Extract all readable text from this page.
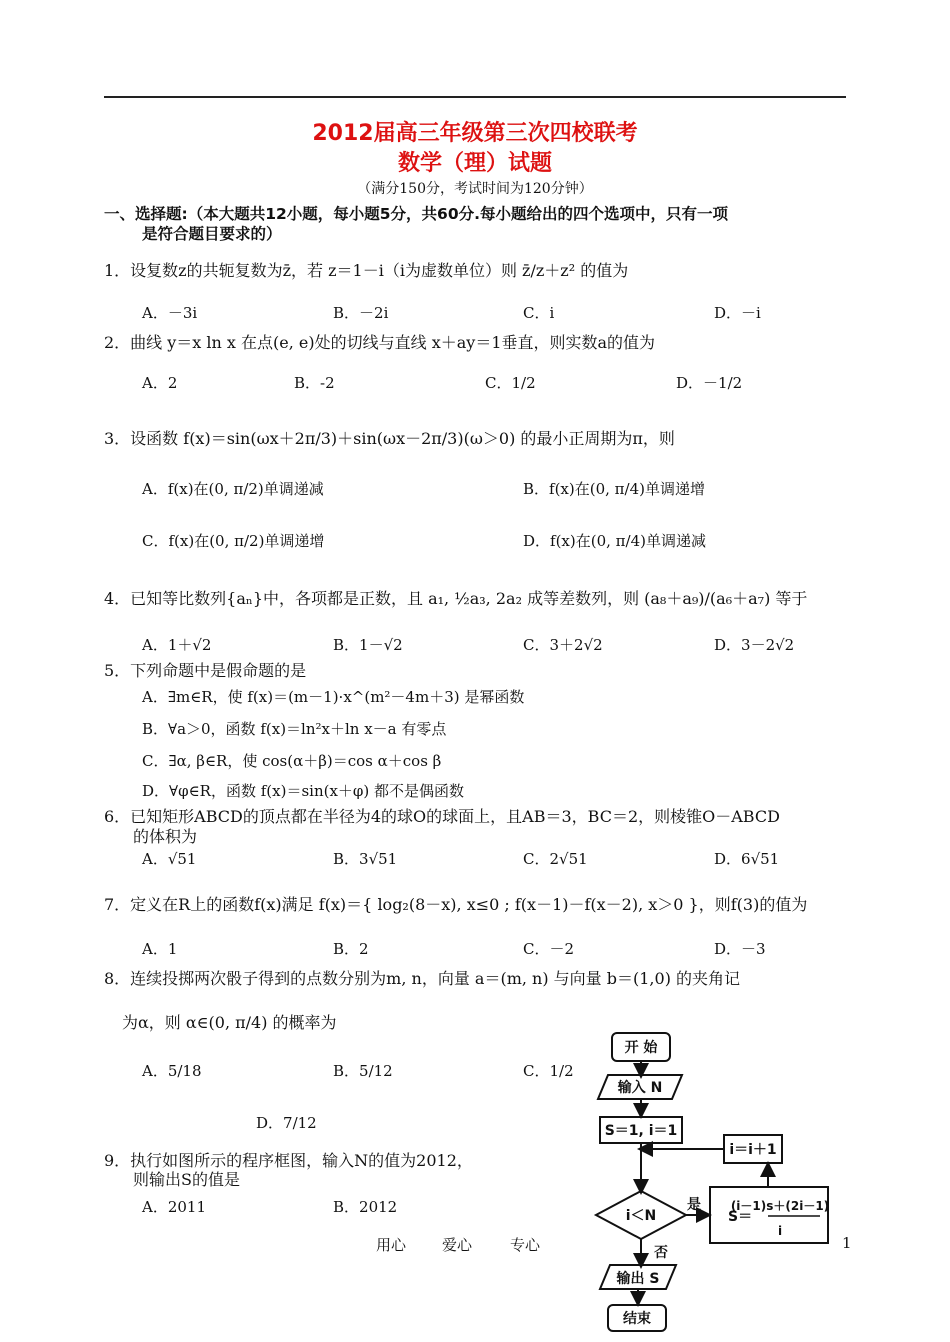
2012届高三年级第三次四校联考
数学（理）试题
（满分150分，考试时间为120分钟）
一、选择题:（本大题共12小题，每小题5分，共60分.每小题给出的四个选项中，只有一项
是符合题目要求的）
1．设复数z的共轭复数为z̄，若 z＝1－i（i为虚数单位）则 z̄/z＋z² 的值为
A．－3i	B．－2i	C．i	D．－i
2．曲线 y＝x ln x 在点(e, e)处的切线与直线 x＋ay＝1垂直，则实数a的值为
A．2	B．-2	C．1/2	D．－1/2
3．设函数 f(x)＝sin(ωx＋2π/3)＋sin(ωx－2π/3)(ω＞0) 的最小正周期为π，则
A．f(x)在(0, π/2)单调递减	B．f(x)在(0, π/4)单调递增
C．f(x)在(0, π/2)单调递增	D．f(x)在(0, π/4)单调递减
4．已知等比数列{aₙ}中，各项都是正数，且 a₁, ½a₃, 2a₂ 成等差数列，则 (a₈＋a₉)/(a₆＋a₇) 等于
A．1＋√2	B．1－√2	C．3＋2√2	D．3－2√2
5．下列命题中是假命题的是
A．∃m∈R，使 f(x)＝(m－1)·x^(m²－4m＋3) 是幂函数
B．∀a＞0，函数 f(x)＝ln²x＋ln x－a 有零点
C．∃α, β∈R，使 cos(α＋β)＝cos α＋cos β
D．∀φ∈R，函数 f(x)＝sin(x＋φ) 都不是偶函数
6．已知矩形ABCD的顶点都在半径为4的球O的球面上，且AB＝3，BC＝2，则棱锥O－ABCD
的体积为
A．√51	B．3√51	C．2√51	D．6√51
7．定义在R上的函数f(x)满足 f(x)＝{ log₂(8－x), x≤0 ; f(x－1)－f(x－2), x＞0 }，则f(3)的值为
A．1	B．2	C．－2	D．－3
8．连续投掷两次骰子得到的点数分别为m, n，向量 a＝(m, n) 与向量 b＝(1,0) 的夹角记
为α，则 α∈(0, π/4) 的概率为
A．5/18	B．5/12	C．1/2
D．7/12
9．执行如图所示的程序框图，输入N的值为2012，
则输出S的值是
A．2011	B．2012
开 始
输入 N
S＝1, i＝1
i＜N
是
i＝i＋1
S＝
(i－1)s＋(2i－1)
i
否
输出 S
结束
用心 爱心	专心	1
